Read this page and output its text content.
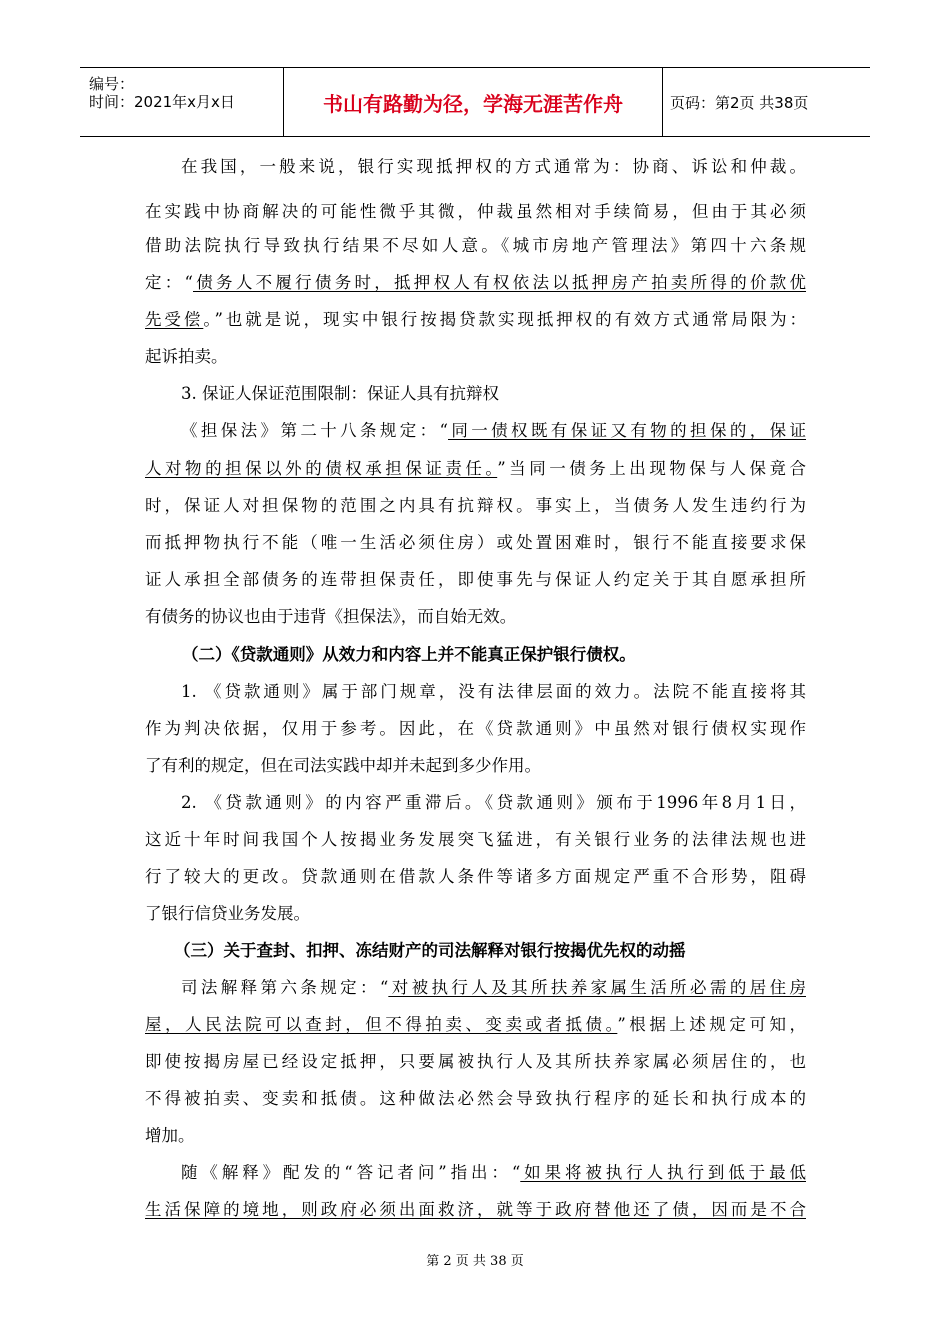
编号：
时间：2021年x月x日	书山有路勤为径，学海无涯苦作舟	页码：第2页 共38页
在我国，一般来说，银行实现抵押权的方式通常为：协商、诉讼和仲裁。
在实践中协商解决的可能性微乎其微，仲裁虽然相对手续简易，但由于其必须
借助法院执行导致执行结果不尽如人意。《城市房地产管理法》第四十六条规
定：“债务人不履行债务时，抵押权人有权依法以抵押房产拍卖所得的价款优
先受偿。”也就是说，现实中银行按揭贷款实现抵押权的有效方式通常局限为：
起诉拍卖。
3. 保证人保证范围限制：保证人具有抗辩权
《担保法》第二十八条规定：“同一债权既有保证又有物的担保的，保证
人对物的担保以外的债权承担保证责任。”当同一债务上出现物保与人保竟合
时，保证人对担保物的范围之内具有抗辩权。事实上，当债务人发生违约行为
而抵押物执行不能（唯一生活必须住房）或处置困难时，银行不能直接要求保
证人承担全部债务的连带担保责任，即使事先与保证人约定关于其自愿承担所
有债务的协议也由于违背《担保法》，而自始无效。
（二）《贷款通则》从效力和内容上并不能真正保护银行债权。
1. 《贷款通则》属于部门规章，没有法律层面的效力。法院不能直接将其
作为判决依据，仅用于参考。因此，在《贷款通则》中虽然对银行债权实现作
了有利的规定，但在司法实践中却并未起到多少作用。
2. 《贷款通则》的内容严重滞后。《贷款通则》颁布于1996年8月1日，
这近十年时间我国个人按揭业务发展突飞猛进，有关银行业务的法律法规也进
行了较大的更改。贷款通则在借款人条件等诸多方面规定严重不合形势，阻碍
了银行信贷业务发展。
（三）关于查封、扣押、冻结财产的司法解释对银行按揭优先权的动摇
司法解释第六条规定：“对被执行人及其所扶养家属生活所必需的居住房
屋，人民法院可以查封，但不得拍卖、变卖或者抵债。”根据上述规定可知，
即使按揭房屋已经设定抵押，只要属被执行人及其所扶养家属必须居住的，也
不得被拍卖、变卖和抵债。这种做法必然会导致执行程序的延长和执行成本的
增加。
随《解释》配发的“答记者问”指出：“如果将被执行人执行到低于最低
生活保障的境地，则政府必须出面救济，就等于政府替他还了债，因而是不合
第 2 页 共 38 页
